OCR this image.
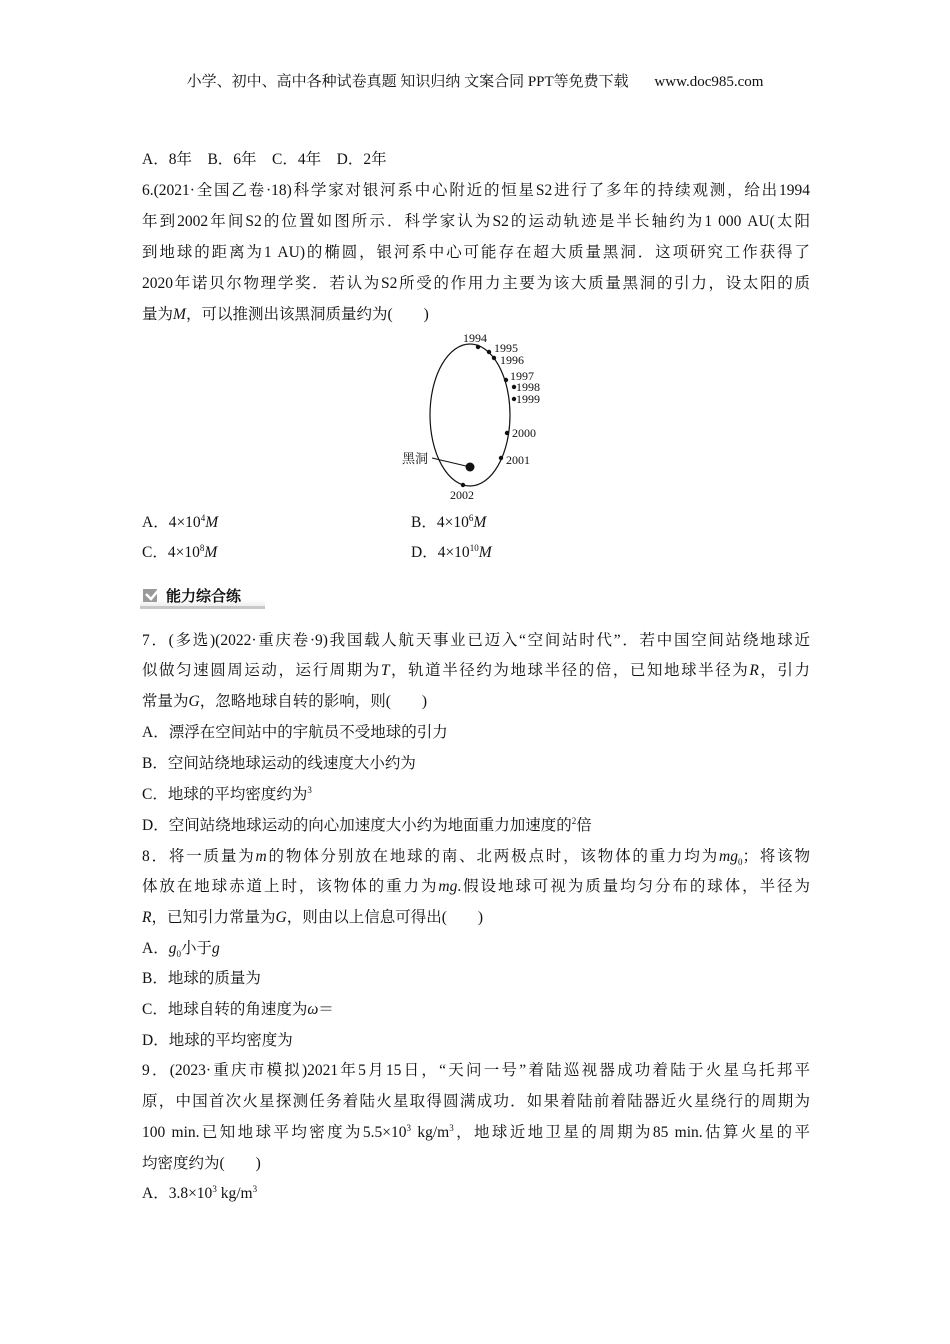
小学、初中、高中各种试卷真题 知识归纳 文案合同 PPT等免费下载 www.doc985.com
A．8年　B．6年　C．4年　D．2年
6.(2021·全国乙卷·18)科学家对银河系中心附近的恒星S2进行了多年的持续观测，给出1994
年到2002年间S2的位置如图所示．科学家认为S2的运动轨迹是半长轴约为1 000 AU(太阳
到地球的距离为1 AU)的椭圆，银河系中心可能存在超大质量黑洞．这项研究工作获得了
2020年诺贝尔物理学奖．若认为S2所受的作用力主要为该大质量黑洞的引力，设太阳的质
量为M，可以推测出该黑洞质量约为(　　)
A．$4\times 10^4M$	B．$4\times 10^6M$
C．$4\times 10^8M$	D．$4\times 10^{10}M$
7．(多选)(2022·重庆卷·9)我国载人航天事业已迈入“空间站时代”．若中国空间站绕地球近
似做匀速圆周运动，运行周期为T，轨道半径约为地球半径的倍，已知地球半径为R，引力
常量为G，忽略地球自转的影响，则(　　)
A．漂浮在空间站中的宇航员不受地球的引力
B．空间站绕地球运动的线速度大小约为
C．地球的平均密度约为$^3$
D．空间站绕地球运动的向心加速度大小约为地面重力加速度的$^2$倍
8．将一质量为m的物体分别放在地球的南、北两极点时，该物体的重力均为$mg_0$；将该物
体放在地球赤道上时，该物体的重力为mg.假设地球可视为质量均匀分布的球体，半径为
R，已知引力常量为G，则由以上信息可得出(　　)
A．$g_0$小于g
B．地球的质量为
C．地球自转的角速度为ω＝
D．地球的平均密度为
9．(2023·重庆市模拟)2021年5月15日，“天问一号”着陆巡视器成功着陆于火星乌托邦平
原，中国首次火星探测任务着陆火星取得圆满成功．如果着陆前着陆器近火星绕行的周期为
100 min.已知地球平均密度为$5.5\times 10^3$ $kg/m^3$，地球近地卫星的周期为85 min.估算火星的平
均密度约为(　　)
A．$3.8\times 10^3$ $kg/m^3$
能力综合练
黑洞
1994
1995
1996
1997
1998
1999
2000
2001
2002
